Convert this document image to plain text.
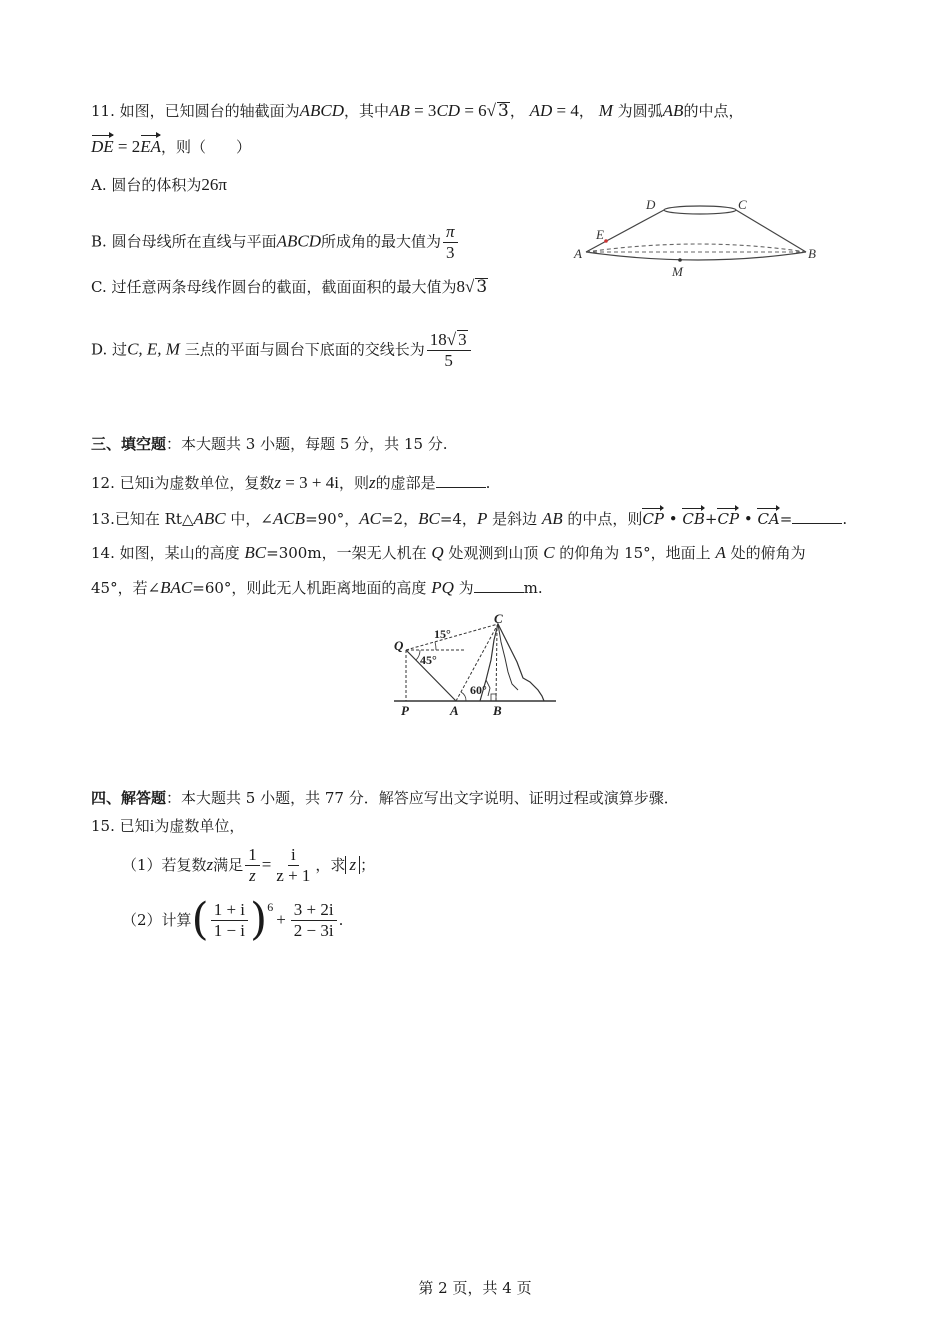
11. 如图，已知圆台的轴截面为ABCD，其中AB = 3CD = 6√ 3， AD = 4， M 为圆弧AB的中点，
DE = 2EA，则（　　）
A. 圆台的体积为26π
B. 圆台母线所在直线与平面ABCD所成角的最大值为 $\frac{\pi}{3}$
C. 过任意两条母线作圆台的截面，截面面积的最大值为8√ 3
D. 过C, E, M 三点的平面与圆台下底面的交线长为 $\frac{18√ 3}{5}$
D	C
E
A	B
M
三、填空题：本大题共 3 小题，每题 5 分，共 15 分.
12. 已知i为虚数单位，复数z = 3 + 4i，则z的虚部是	.
13.已知在 Rt△ABC 中，∠ACB=90°，AC=2，BC=4，P 是斜边 AB 的中点，则CP • CB+CP • CA=	.
14. 如图，某山的高度 BC=300m，一架无人机在 Q 处观测到山顶 C 的仰角为 15°，地面上 A 处的俯角为
45°，若∠BAC=60°，则此无人机距离地面的高度 PQ 为	m.
Q
C
P	A	B
15°
45°
60°
四、解答题：本大题共 5 小题，共 77 分．解答应写出文字说明、证明过程或演算步骤．
15. 已知i为虚数单位，
（1）若复数 z 满足 $\frac{1}{z} = \frac{i}{z + 1}$ ，求 z ；
（2）计算 ( $\frac{1 + i}{1 - i} )^6$
+ $\frac{3 + 2i}{2 - 3i}$ .
第 2 页，共 4 页
